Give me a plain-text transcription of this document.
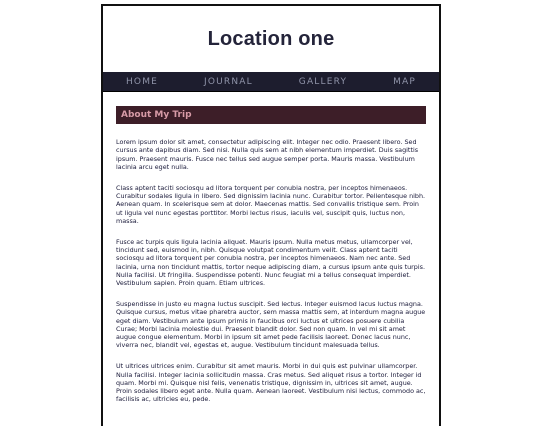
Location one
HOME	JOURNAL	GALLERY	MAP
About My Trip

Lorem ipsum dolor sit amet, consectetur adipiscing elit. Integer nec odio. Praesent libero. Sed cursus ante dapibus diam. Sed nisi. Nulla quis sem at nibh elementum imperdiet. Duis sagittis ipsum. Praesent mauris. Fusce nec tellus sed augue semper porta. Mauris massa. Vestibulum lacinia arcu eget nulla.

Class aptent taciti sociosqu ad litora torquent per conubia nostra, per inceptos himenaeos. Curabitur sodales ligula in libero. Sed dignissim lacinia nunc. Curabitur tortor. Pellentesque nibh. Aenean quam. In scelerisque sem at dolor. Maecenas mattis. Sed convallis tristique sem. Proin ut ligula vel nunc egestas porttitor. Morbi lectus risus, iaculis vel, suscipit quis, luctus non, massa.

Fusce ac turpis quis ligula lacinia aliquet. Mauris ipsum. Nulla metus metus, ullamcorper vel, tincidunt sed, euismod in, nibh. Quisque volutpat condimentum velit. Class aptent taciti sociosqu ad litora torquent per conubia nostra, per inceptos himenaeos. Nam nec ante. Sed lacinia, urna non tincidunt mattis, tortor neque adipiscing diam, a cursus ipsum ante quis turpis. Nulla facilisi. Ut fringilla. Suspendisse potenti. Nunc feugiat mi a tellus consequat imperdiet. Vestibulum sapien. Proin quam. Etiam ultrices.

Suspendisse in justo eu magna luctus suscipit. Sed lectus. Integer euismod lacus luctus magna. Quisque cursus, metus vitae pharetra auctor, sem massa mattis sem, at interdum magna augue eget diam. Vestibulum ante ipsum primis in faucibus orci luctus et ultrices posuere cubilia Curae; Morbi lacinia molestie dui. Praesent blandit dolor. Sed non quam. In vel mi sit amet augue congue elementum. Morbi in ipsum sit amet pede facilisis laoreet. Donec lacus nunc, viverra nec, blandit vel, egestas et, augue. Vestibulum tincidunt malesuada tellus.

Ut ultrices ultrices enim. Curabitur sit amet mauris. Morbi in dui quis est pulvinar ullamcorper. Nulla facilisi. Integer lacinia sollicitudin massa. Cras metus. Sed aliquet risus a tortor. Integer id quam. Morbi mi. Quisque nisl felis, venenatis tristique, dignissim in, ultrices sit amet, augue. Proin sodales libero eget ante. Nulla quam. Aenean laoreet. Vestibulum nisi lectus, commodo ac, facilisis ac, ultricies eu, pede.
